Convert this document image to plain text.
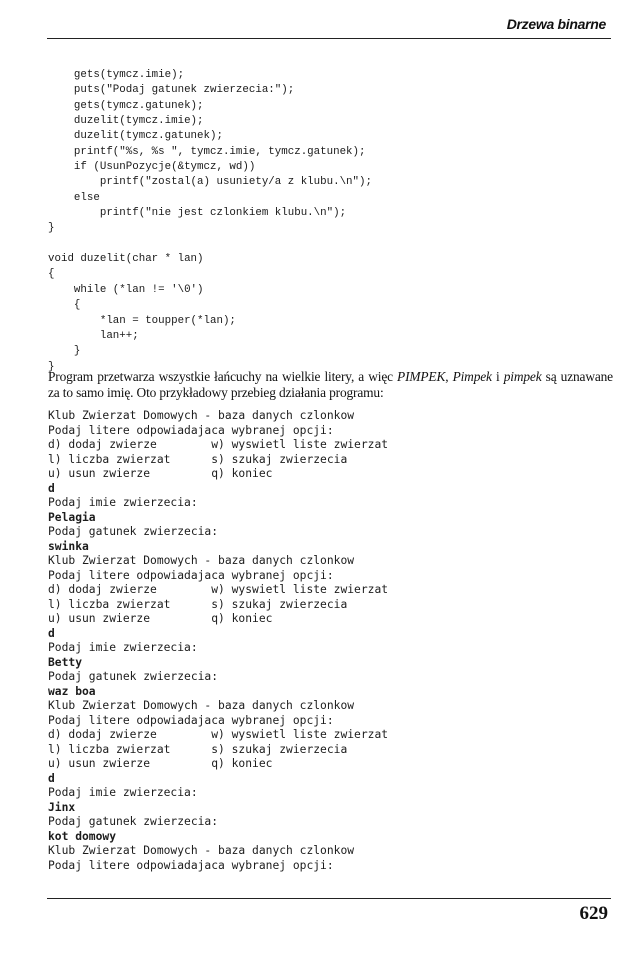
Drzewa binarne
gets(tymcz.imie);
puts("Podaj gatunek zwierzecia:");
gets(tymcz.gatunek);
duzelit(tymcz.imie);
duzelit(tymcz.gatunek);
printf("%s, %s ", tymcz.imie, tymcz.gatunek);
if (UsunPozycje(&tymcz, wd))
printf("zostal(a) usuniety/a z klubu.\n");
else
printf("nie jest czlonkiem klubu.\n");
}

void duzelit(char * lan)
{
while (*lan != '\0')
{
*lan = toupper(*lan);
lan++;
}
}

Program przetwarza wszystkie łańcuchy na wielkie litery, a więc PIMPEK, Pimpek i pimpek są uznawane za to samo imię. Oto przykładowy przebieg działania programu:

Klub Zwierzat Domowych - baza danych czlonkow
Podaj litere odpowiadajaca wybranej opcji:
d) dodaj zwierze        w) wyswietl liste zwierzat
l) liczba zwierzat      s) szukaj zwierzecia
u) usun zwierze         q) koniec
d
Podaj imie zwierzecia:
Pelagia
Podaj gatunek zwierzecia:
swinka
Klub Zwierzat Domowych - baza danych czlonkow
Podaj litere odpowiadajaca wybranej opcji:
d) dodaj zwierze        w) wyswietl liste zwierzat
l) liczba zwierzat      s) szukaj zwierzecia
u) usun zwierze         q) koniec
d
Podaj imie zwierzecia:
Betty
Podaj gatunek zwierzecia:
waz boa
Klub Zwierzat Domowych - baza danych czlonkow
Podaj litere odpowiadajaca wybranej opcji:
d) dodaj zwierze        w) wyswietl liste zwierzat
l) liczba zwierzat      s) szukaj zwierzecia
u) usun zwierze         q) koniec
d
Podaj imie zwierzecia:
Jinx
Podaj gatunek zwierzecia:
kot domowy
Klub Zwierzat Domowych - baza danych czlonkow
Podaj litere odpowiadajaca wybranej opcji:
629
